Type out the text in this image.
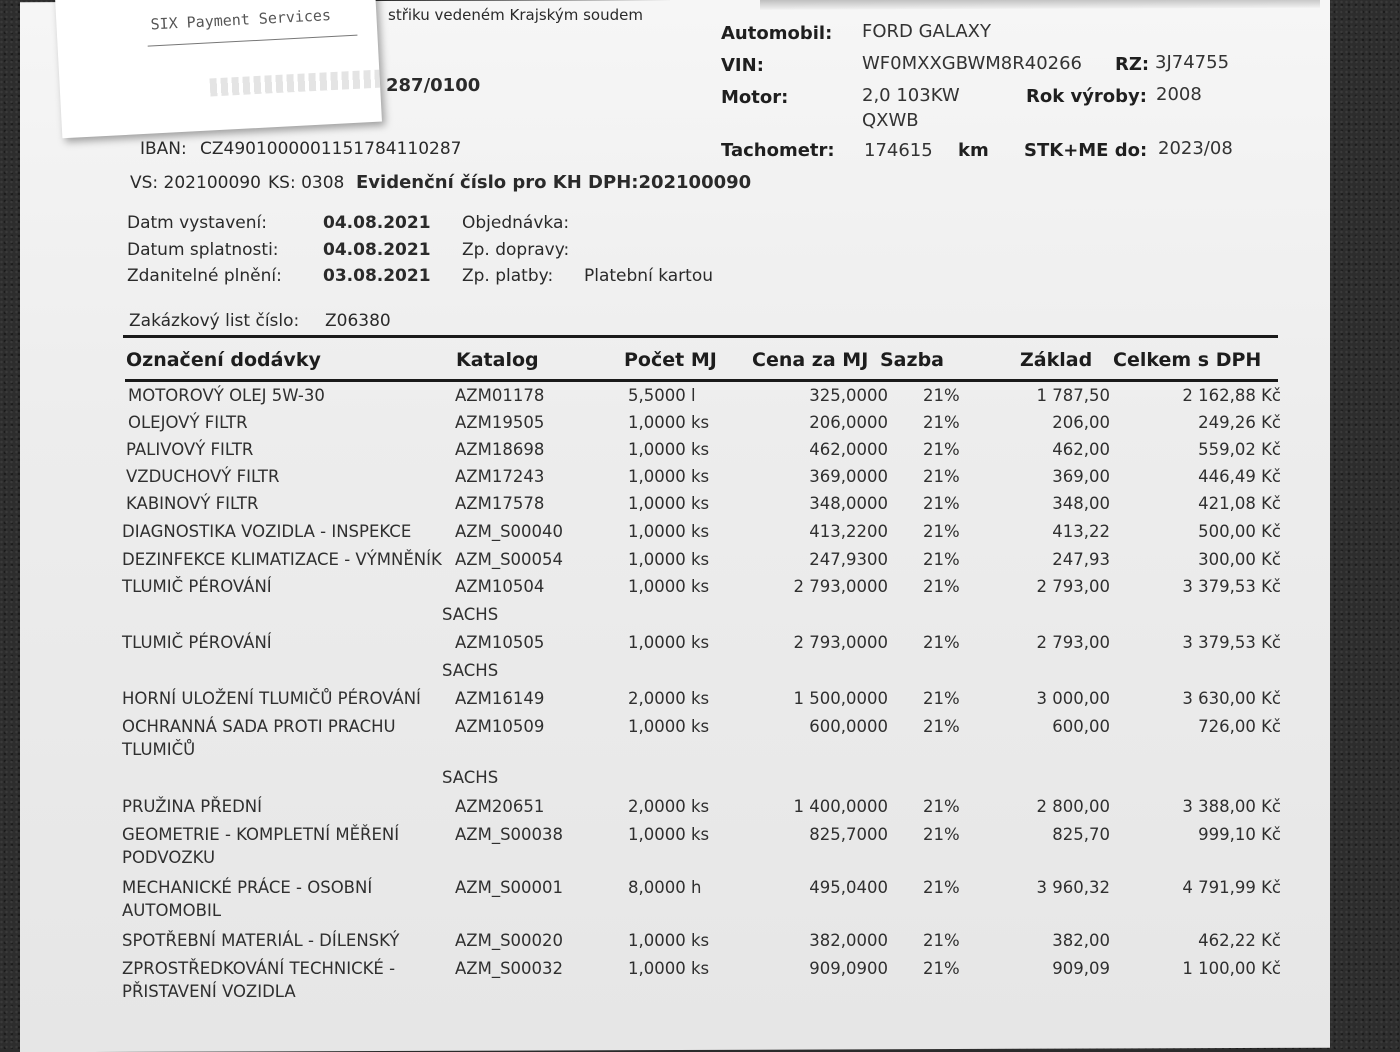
střiku vedeném Krajským soudem
287/0100
SIX Payment Services
IBAN: CZ4901000001151784110287
VS: 202100090 KS: 0308 Evidenční číslo pro KH DPH:202100090
Automobil: FORD GALAXY
VIN:	WF0MXXGBWM8R40266 RZ: 3J74755
Motor:	2,0 103KW
QXWB
Rok výroby: 2008
Tachometr: 174615 km STK+ME do: 2023/08
Datm vystavení:	04.08.2021
Datum splatnosti:	04.08.2021
Zdanitelné plnění: 03.08.2021
Objednávka:
Zp. dopravy:
Zp. platby: Platební kartou
Zakázkový list číslo: Z06380
Označení dodávky	Katalog	Počet MJ Cena za MJ Sazba	Základ Celkem s DPH
MOTOROVÝ OLEJ 5W-30	AZM01178	5,5000 l	325,0000 21%	1 787,50	2 162,88 Kč
OLEJOVÝ FILTR	AZM19505	1,0000 ks	206,0000 21%	206,00	249,26 Kč
PALIVOVÝ FILTR	AZM18698	1,0000 ks	462,0000 21%	462,00	559,02 Kč
VZDUCHOVÝ FILTR	AZM17243	1,0000 ks	369,0000 21%	369,00	446,49 Kč
KABINOVÝ FILTR	AZM17578	1,0000 ks	348,0000 21%	348,00	421,08 Kč
DIAGNOSTIKA VOZIDLA - INSPEKCE	AZM_S00040	1,0000 ks	413,2200 21%	413,22	500,00 Kč
DEZINFEKCE KLIMATIZACE - VÝMNĚNÍK AZM_S00054	1,0000 ks	247,9300 21%	247,93	300,00 Kč
TLUMIČ PÉROVÁNÍ	AZM10504	1,0000 ks	2 793,0000 21%	2 793,00	3 379,53 Kč
SACHS
TLUMIČ PÉROVÁNÍ	AZM10505	1,0000 ks	2 793,0000 21%	2 793,00	3 379,53 Kč
SACHS
HORNÍ ULOŽENÍ TLUMIČŮ PÉROVÁNÍ AZM16149	2,0000 ks	1 500,0000 21%	3 000,00	3 630,00 Kč
OCHRANNÁ SADA PROTI PRACHU
TLUMIČŮ
AZM10509	1,0000 ks	600,0000 21%	600,00	726,00 Kč
SACHS
PRUŽINA PŘEDNÍ	AZM20651	2,0000 ks	1 400,0000 21%	2 800,00	3 388,00 Kč
GEOMETRIE - KOMPLETNÍ MĚŘENÍ
PODVOZKU
AZM_S00038	1,0000 ks	825,7000 21%	825,70	999,10 Kč
MECHANICKÉ PRÁCE - OSOBNÍ
AUTOMOBIL
AZM_S00001	8,0000 h	495,0400 21%	3 960,32	4 791,99 Kč
SPOTŘEBNÍ MATERIÁL - DÍLENSKÝ	AZM_S00020	1,0000 ks	382,0000 21%	382,00	462,22 Kč
ZPROSTŘEDKOVÁNÍ TECHNICKÉ -
PŘISTAVENÍ VOZIDLA
AZM_S00032	1,0000 ks	909,0900 21%	909,09	1 100,00 Kč
